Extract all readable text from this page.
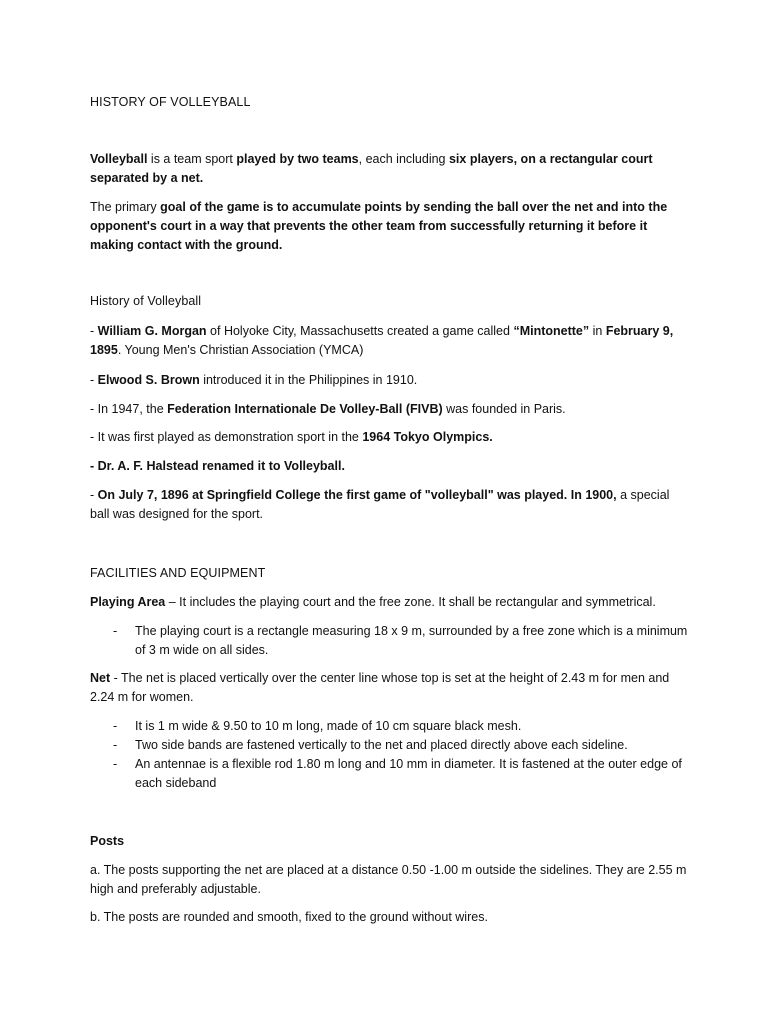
HISTORY OF VOLLEYBALL

Volleyball is a team sport played by two teams, each including six players, on a rectangular court separated by a net.

The primary goal of the game is to accumulate points by sending the ball over the net and into the opponent's court in a way that prevents the other team from successfully returning it before it making contact with the ground.

History of Volleyball

- William G. Morgan of Holyoke City, Massachusetts created a game called “Mintonette” in February 9, 1895. Young Men's Christian Association (YMCA)

- Elwood S. Brown introduced it in the Philippines in 1910.

- In 1947, the Federation Internationale De Volley-Ball (FIVB) was founded in Paris.

- It was first played as demonstration sport in the 1964 Tokyo Olympics.

- Dr. A. F. Halstead renamed it to Volleyball.

- On July 7, 1896 at Springfield College the first game of "volleyball" was played. In 1900, a special ball was designed for the sport.

FACILITIES AND EQUIPMENT

Playing Area – It includes the playing court and the free zone. It shall be rectangular and symmetrical.

- The playing court is a rectangle measuring 18 x 9 m, surrounded by a free zone which is a minimum of 3 m wide on all sides.

Net - The net is placed vertically over the center line whose top is set at the height of 2.43 m for men and 2.24 m for women.

- It is 1 m wide & 9.50 to 10 m long, made of 10 cm square black mesh.
- Two side bands are fastened vertically to the net and placed directly above each sideline.
- An antennae is a flexible rod 1.80 m long and 10 mm in diameter. It is fastened at the outer edge of each sideband

Posts

a. The posts supporting the net are placed at a distance 0.50 -1.00 m outside the sidelines. They are 2.55 m high and preferably adjustable.

b. The posts are rounded and smooth, fixed to the ground without wires.
